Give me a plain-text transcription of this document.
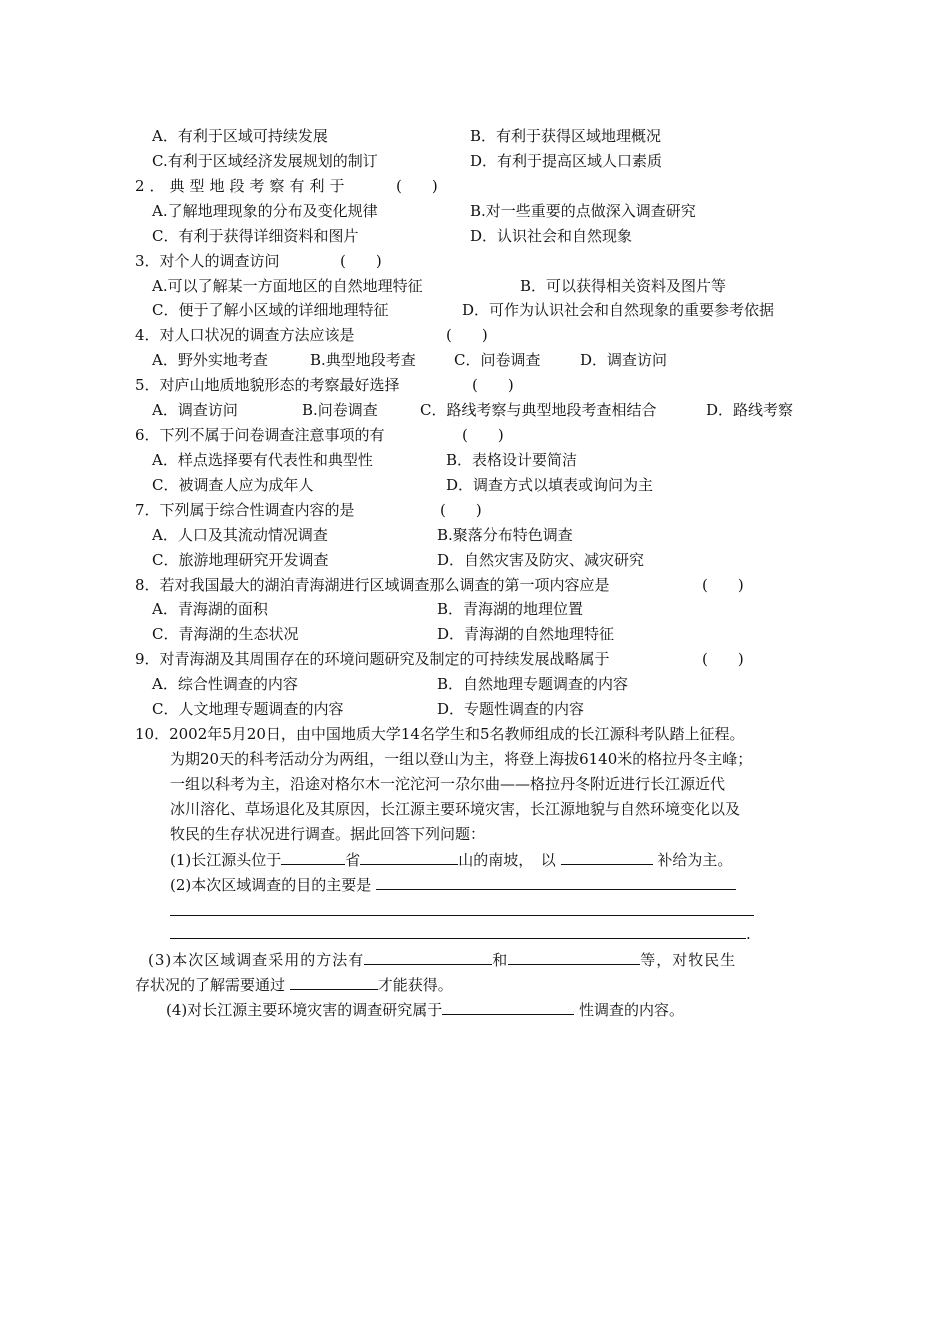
A．有利于区域可持续发展	B．有利于获得区域地理概况
C.有利于区域经济发展规划的制订	D．有利于提高区域人口素质
2．典型地段考察有利于	(　　)
A.了解地理现象的分布及变化规律	B.对一些重要的点做深入调查研究
C．有利于获得详细资料和图片	D．认识社会和自然现象
3．对个人的调查访问	(　　)
A.可以了解某一方面地区的自然地理特征	B．可以获得相关资料及图片等
C．便于了解小区域的详细地理特征	D．可作为认识社会和自然现象的重要参考依据
4．对人口状况的调查方法应该是	(　　)
A．野外实地考查	B.典型地段考查	C．问卷调查	D．调查访问
5．对庐山地质地貌形态的考察最好选择	(　　)
A．调查访问	B.问卷调查	C．路线考察与典型地段考查相结合	D．路线考察
6．下列不属于问卷调查注意事项的有	(　　)
A．样点选择要有代表性和典型性	B．表格设计要简洁
C．被调查人应为成年人	D．调查方式以填表或询问为主
7．下列属于综合性调查内容的是	(　　)
A．人口及其流动情况调查	B.聚落分布特色调查
C．旅游地理研究开发调查	D．自然灾害及防灾、减灾研究
8．若对我国最大的湖泊青海湖进行区域调查那么调查的第一项内容应是	(　　)
A．青海湖的面积	B．青海湖的地理位置
C．青海湖的生态状况	D．青海湖的自然地理特征
9．对青海湖及其周围存在的环境问题研究及制定的可持续发展战略属于	(　　)
A．综合性调查的内容	B．自然地理专题调查的内容
C．人文地理专题调查的内容	D．专题性调查的内容
10．2002年5月20日，由中国地质大学14名学生和5名教师组成的长江源科考队踏上征程。
为期20天的科考活动分为两组，一组以登山为主，将登上海拔6140米的格拉丹冬主峰；
一组以科考为主，沿途对格尔木一沱沱河一尕尔曲——格拉丹冬附近进行长江源近代
冰川溶化、草场退化及其原因，长江源主要环境灾害，长江源地貌与自然环境变化以及
牧民的生存状况进行调查。据此回答下列问题：
(1)长江源头位于	省	山的南坡，　以	补给为主。
(2)本次区域调查的目的主要是
.
(3)本次区域调查采用的方法有	和	等，对牧民生
存状况的了解需要通过	才能获得。
(4)对长江源主要环境灾害的调查研究属于	性调查的内容。
